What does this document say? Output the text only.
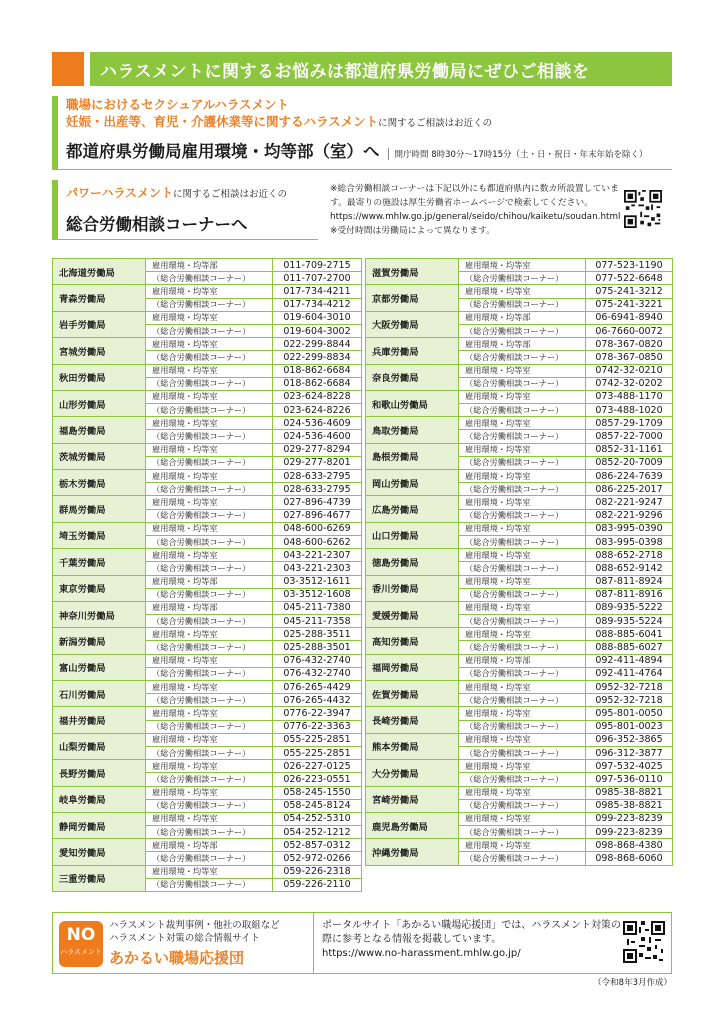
ハラスメントに関するお悩みは都道府県労働局にぜひご相談を
職場におけるセクシュアルハラスメント
妊娠・出産等、育児・介護休業等に関するハラスメントに関するご相談はお近くの
都道府県労働局雇用環境・均等部（室）へ	開庁時間 8時30分～17時15分（土・日・祝日・年末年始を除く）
パワーハラスメントに関するご相談はお近くの
総合労働相談コーナーへ
※総合労働相談コーナーは下記以外にも都道府県内に数カ所設置しています。最寄りの施設は厚生労働省ホームページで検索してください。
https://www.mhlw.go.jp/general/seido/chihou/kaiketu/soudan.html
※受付時間は労働局によって異なります。
北海道労働局	雇用環境・均等部	011-709-2715
	（総合労働相談コーナー）	011-707-2700
青森労働局	雇用環境・均等室	017-734-4211
	（総合労働相談コーナー）	017-734-4212
岩手労働局	雇用環境・均等室	019-604-3010
	（総合労働相談コーナー）	019-604-3002
宮城労働局	雇用環境・均等室	022-299-8844
	（総合労働相談コーナー）	022-299-8834
秋田労働局	雇用環境・均等室	018-862-6684
	（総合労働相談コーナー）	018-862-6684
山形労働局	雇用環境・均等室	023-624-8228
	（総合労働相談コーナー）	023-624-8226
福島労働局	雇用環境・均等室	024-536-4609
	（総合労働相談コーナー）	024-536-4600
茨城労働局	雇用環境・均等室	029-277-8294
	（総合労働相談コーナー）	029-277-8201
栃木労働局	雇用環境・均等室	028-633-2795
	（総合労働相談コーナー）	028-633-2795
群馬労働局	雇用環境・均等室	027-896-4739
	（総合労働相談コーナー）	027-896-4677
埼玉労働局	雇用環境・均等室	048-600-6269
	（総合労働相談コーナー）	048-600-6262
千葉労働局	雇用環境・均等室	043-221-2307
	（総合労働相談コーナー）	043-221-2303
東京労働局	雇用環境・均等部	03-3512-1611
	（総合労働相談コーナー）	03-3512-1608
神奈川労働局	雇用環境・均等部	045-211-7380
	（総合労働相談コーナー）	045-211-7358
新潟労働局	雇用環境・均等室	025-288-3511
	（総合労働相談コーナー）	025-288-3501
富山労働局	雇用環境・均等室	076-432-2740
	（総合労働相談コーナー）	076-432-2740
石川労働局	雇用環境・均等室	076-265-4429
	（総合労働相談コーナー）	076-265-4432
福井労働局	雇用環境・均等室	0776-22-3947
	（総合労働相談コーナー）	0776-22-3363
山梨労働局	雇用環境・均等室	055-225-2851
	（総合労働相談コーナー）	055-225-2851
長野労働局	雇用環境・均等室	026-227-0125
	（総合労働相談コーナー）	026-223-0551
岐阜労働局	雇用環境・均等室	058-245-1550
	（総合労働相談コーナー）	058-245-8124
静岡労働局	雇用環境・均等室	054-252-5310
	（総合労働相談コーナー）	054-252-1212
愛知労働局	雇用環境・均等部	052-857-0312
	（総合労働相談コーナー）	052-972-0266
三重労働局	雇用環境・均等室	059-226-2318
	（総合労働相談コーナー）	059-226-2110
滋賀労働局	雇用環境・均等室	077-523-1190
	（総合労働相談コーナー）	077-522-6648
京都労働局	雇用環境・均等室	075-241-3212
	（総合労働相談コーナー）	075-241-3221
大阪労働局	雇用環境・均等部	06-6941-8940
	（総合労働相談コーナー）	06-7660-0072
兵庫労働局	雇用環境・均等部	078-367-0820
	（総合労働相談コーナー）	078-367-0850
奈良労働局	雇用環境・均等室	0742-32-0210
	（総合労働相談コーナー）	0742-32-0202
和歌山労働局	雇用環境・均等室	073-488-1170
	（総合労働相談コーナー）	073-488-1020
鳥取労働局	雇用環境・均等室	0857-29-1709
	（総合労働相談コーナー）	0857-22-7000
島根労働局	雇用環境・均等室	0852-31-1161
	（総合労働相談コーナー）	0852-20-7009
岡山労働局	雇用環境・均等室	086-224-7639
	（総合労働相談コーナー）	086-225-2017
広島労働局	雇用環境・均等室	082-221-9247
	（総合労働相談コーナー）	082-221-9296
山口労働局	雇用環境・均等室	083-995-0390
	（総合労働相談コーナー）	083-995-0398
徳島労働局	雇用環境・均等室	088-652-2718
	（総合労働相談コーナー）	088-652-9142
香川労働局	雇用環境・均等室	087-811-8924
	（総合労働相談コーナー）	087-811-8916
愛媛労働局	雇用環境・均等室	089-935-5222
	（総合労働相談コーナー）	089-935-5224
高知労働局	雇用環境・均等室	088-885-6041
	（総合労働相談コーナー）	088-885-6027
福岡労働局	雇用環境・均等部	092-411-4894
	（総合労働相談コーナー）	092-411-4764
佐賀労働局	雇用環境・均等室	0952-32-7218
	（総合労働相談コーナー）	0952-32-7218
長崎労働局	雇用環境・均等室	095-801-0050
	（総合労働相談コーナー）	095-801-0023
熊本労働局	雇用環境・均等室	096-352-3865
	（総合労働相談コーナー）	096-312-3877
大分労働局	雇用環境・均等室	097-532-4025
	（総合労働相談コーナー）	097-536-0110
宮崎労働局	雇用環境・均等室	0985-38-8821
	（総合労働相談コーナー）	0985-38-8821
鹿児島労働局	雇用環境・均等室	099-223-8239
	（総合労働相談コーナー）	099-223-8239
沖縄労働局	雇用環境・均等室	098-868-4380
	（総合労働相談コーナー）	098-868-6060
NO
ハラスメント
ハラスメント裁判事例・他社の取組など
ハラスメント対策の総合情報サイト
あかるい職場応援団
ポータルサイト「あかるい職場応援団」では、ハラスメント対策の際に参考となる情報を掲載しています。
https://www.no-harassment.mhlw.go.jp/
（令和8年3月作成）
